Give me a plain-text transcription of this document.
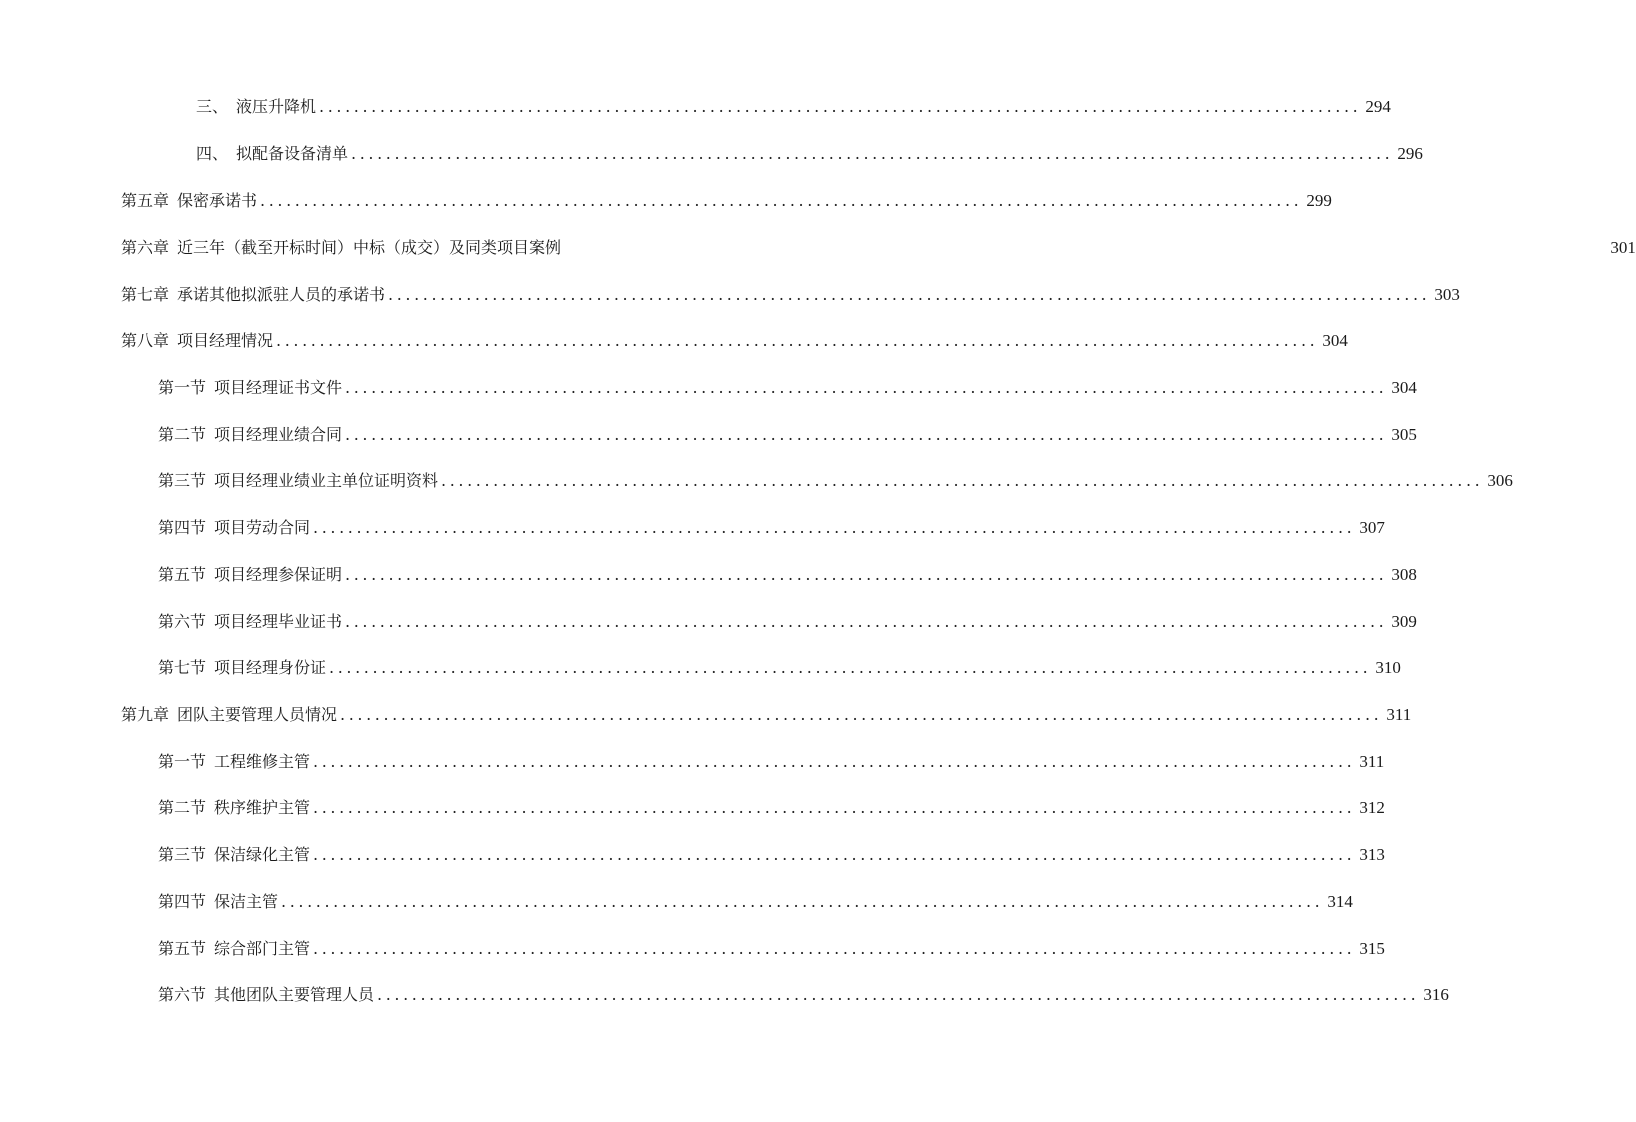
三、 液压升降机 ........................................................................................................................ 294
四、 拟配备设备清单 ........................................................................................................................ 296
第五章 保密承诺书 ........................................................................................................................ 299
第六章 近三年（截至开标时间）中标（成交）及同类项目案例	301
第七章 承诺其他拟派驻人员的承诺书 ........................................................................................................................ 303
第八章 项目经理情况 ........................................................................................................................ 304
第一节 项目经理证书文件 ........................................................................................................................ 304
第二节 项目经理业绩合同 ........................................................................................................................ 305
第三节 项目经理业绩业主单位证明资料 ........................................................................................................................ 306
第四节 项目劳动合同 ........................................................................................................................ 307
第五节 项目经理参保证明 ........................................................................................................................ 308
第六节 项目经理毕业证书 ........................................................................................................................ 309
第七节 项目经理身份证 ........................................................................................................................ 310
第九章 团队主要管理人员情况 ........................................................................................................................ 311
第一节 工程维修主管 ........................................................................................................................ 311
第二节 秩序维护主管 ........................................................................................................................ 312
第三节 保洁绿化主管 ........................................................................................................................ 313
第四节 保洁主管 ........................................................................................................................ 314
第五节 综合部门主管 ........................................................................................................................ 315
第六节 其他团队主要管理人员 ........................................................................................................................ 316
